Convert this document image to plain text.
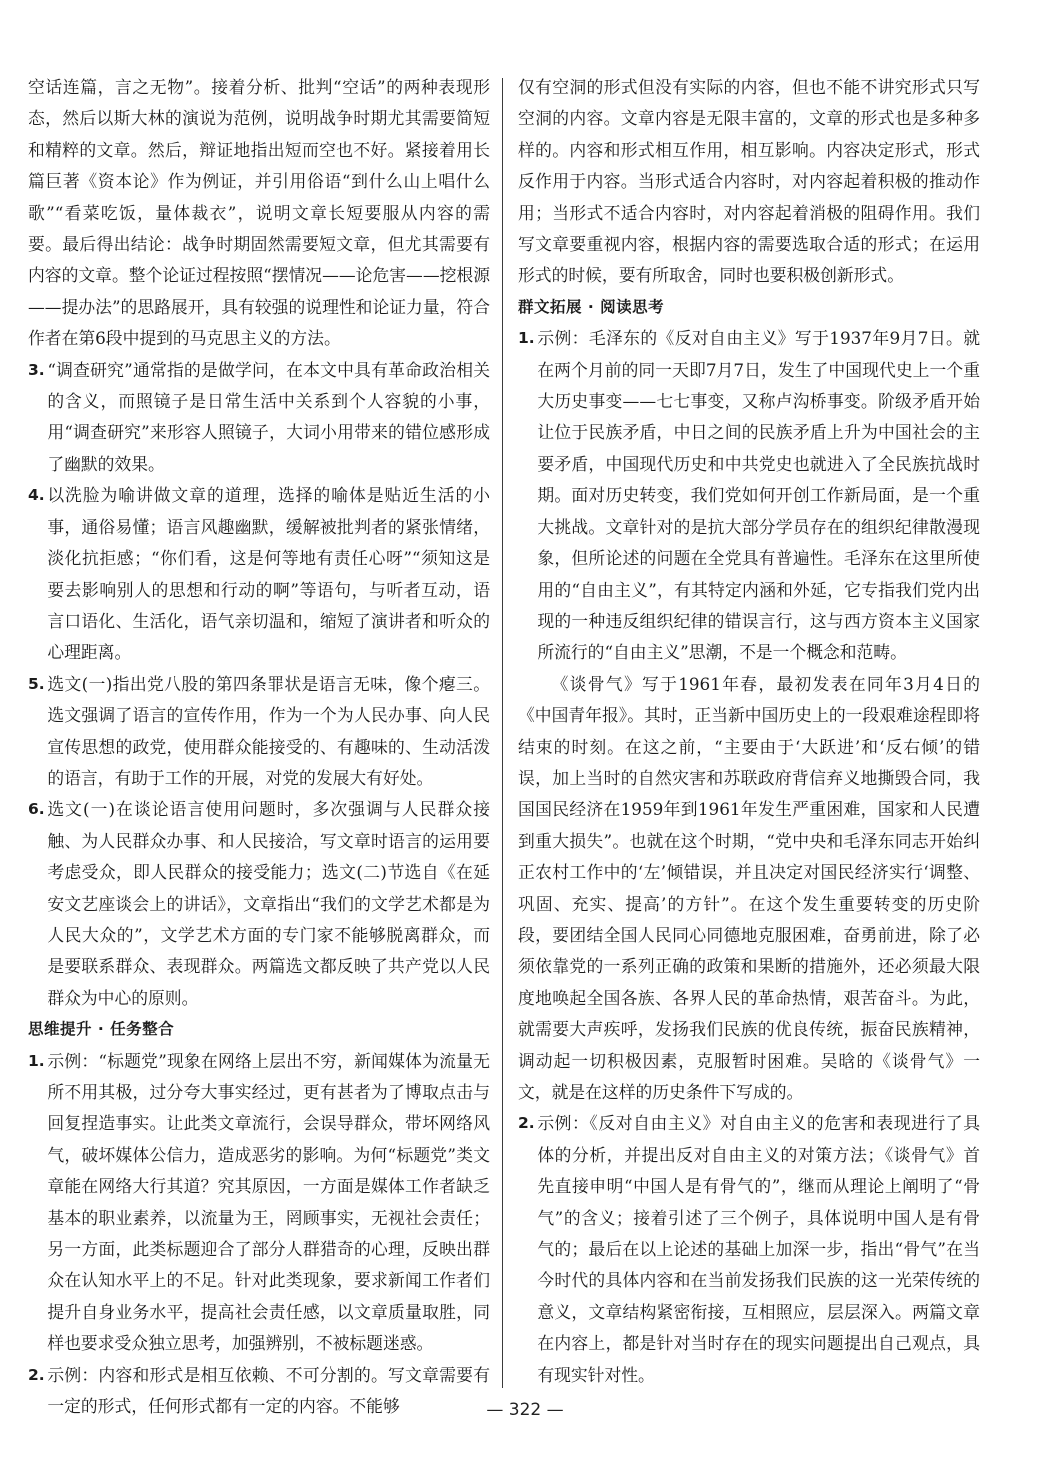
空话连篇，言之无物”。接着分析、批判“空话”的两种表现形态，然后以斯大林的演说为范例，说明战争时期尤其需要简短和精粹的文章。然后，辩证地指出短而空也不好。紧接着用长篇巨著《资本论》作为例证，并引用俗语“到什么山上唱什么歌”“看菜吃饭，量体裁衣”，说明文章长短要服从内容的需要。最后得出结论：战争时期固然需要短文章，但尤其需要有内容的文章。整个论证过程按照“摆情况——论危害——挖根源——提办法”的思路展开，具有较强的说理性和论证力量，符合作者在第6段中提到的马克思主义的方法。

3. “调查研究”通常指的是做学问，在本文中具有革命政治相关的含义，而照镜子是日常生活中关系到个人容貌的小事，用“调查研究”来形容人照镜子，大词小用带来的错位感形成了幽默的效果。

4. 以洗脸为喻讲做文章的道理，选择的喻体是贴近生活的小事，通俗易懂；语言风趣幽默，缓解被批判者的紧张情绪，淡化抗拒感；“你们看，这是何等地有责任心呀”“须知这是要去影响别人的思想和行动的啊”等语句，与听者互动，语言口语化、生活化，语气亲切温和，缩短了演讲者和听众的心理距离。

5. 选文(一)指出党八股的第四条罪状是语言无味，像个瘪三。选文强调了语言的宣传作用，作为一个为人民办事、向人民宣传思想的政党，使用群众能接受的、有趣味的、生动活泼的语言，有助于工作的开展，对党的发展大有好处。

6. 选文(一)在谈论语言使用问题时，多次强调与人民群众接触、为人民群众办事、和人民接洽，写文章时语言的运用要考虑受众，即人民群众的接受能力；选文(二)节选自《在延安文艺座谈会上的讲话》，文章指出“我们的文学艺术都是为人民大众的”，文学艺术方面的专门家不能够脱离群众，而是要联系群众、表现群众。两篇选文都反映了共产党以人民群众为中心的原则。

思维提升 · 任务整合
1. 示例：“标题党”现象在网络上层出不穷，新闻媒体为流量无所不用其极，过分夸大事实经过，更有甚者为了博取点击与回复捏造事实。让此类文章流行，会误导群众，带坏网络风气，破坏媒体公信力，造成恶劣的影响。为何“标题党”类文章能在网络大行其道？究其原因，一方面是媒体工作者缺乏基本的职业素养，以流量为王，罔顾事实，无视社会责任；另一方面，此类标题迎合了部分人群猎奇的心理，反映出群众在认知水平上的不足。针对此类现象，要求新闻工作者们提升自身业务水平，提高社会责任感，以文章质量取胜，同样也要求受众独立思考，加强辨别，不被标题迷惑。

2. 示例：内容和形式是相互依赖、不可分割的。写文章需要有一定的形式，任何形式都有一定的内容。不能够

仅有空洞的形式但没有实际的内容，但也不能不讲究形式只写空洞的内容。文章内容是无限丰富的，文章的形式也是多种多样的。内容和形式相互作用，相互影响。内容决定形式，形式反作用于内容。当形式适合内容时，对内容起着积极的推动作用；当形式不适合内容时，对内容起着消极的阻碍作用。我们写文章要重视内容，根据内容的需要选取合适的形式；在运用形式的时候，要有所取舍，同时也要积极创新形式。

群文拓展 · 阅读思考
1. 示例：毛泽东的《反对自由主义》写于1937年9月7日。就在两个月前的同一天即7月7日，发生了中国现代史上一个重大历史事变——七七事变，又称卢沟桥事变。阶级矛盾开始让位于民族矛盾，中日之间的民族矛盾上升为中国社会的主要矛盾，中国现代历史和中共党史也就进入了全民族抗战时期。面对历史转变，我们党如何开创工作新局面，是一个重大挑战。文章针对的是抗大部分学员存在的组织纪律散漫现象，但所论述的问题在全党具有普遍性。毛泽东在这里所使用的“自由主义”，有其特定内涵和外延，它专指我们党内出现的一种违反组织纪律的错误言行，这与西方资本主义国家所流行的“自由主义”思潮，不是一个概念和范畴。

《谈骨气》写于1961年春，最初发表在同年3月4日的《中国青年报》。其时，正当新中国历史上的一段艰难途程即将结束的时刻。在这之前，“主要由于‘大跃进’和‘反右倾’的错误，加上当时的自然灾害和苏联政府背信弃义地撕毁合同，我国国民经济在1959年到1961年发生严重困难，国家和人民遭到重大损失”。也就在这个时期，“党中央和毛泽东同志开始纠正农村工作中的‘左’倾错误，并且决定对国民经济实行‘调整、巩固、充实、提高’的方针”。在这个发生重要转变的历史阶段，要团结全国人民同心同德地克服困难，奋勇前进，除了必须依靠党的一系列正确的政策和果断的措施外，还必须最大限度地唤起全国各族、各界人民的革命热情，艰苦奋斗。为此，就需要大声疾呼，发扬我们民族的优良传统，振奋民族精神，调动起一切积极因素，克服暂时困难。吴晗的《谈骨气》一文，就是在这样的历史条件下写成的。

2. 示例：《反对自由主义》对自由主义的危害和表现进行了具体的分析，并提出反对自由主义的对策方法；《谈骨气》首先直接申明“中国人是有骨气的”，继而从理论上阐明了“骨气”的含义；接着引述了三个例子，具体说明中国人是有骨气的；最后在以上论述的基础上加深一步，指出“骨气”在当今时代的具体内容和在当前发扬我们民族的这一光荣传统的意义，文章结构紧密衔接，互相照应，层层深入。两篇文章在内容上，都是针对当时存在的现实问题提出自己观点，具有现实针对性。

— 322 —
